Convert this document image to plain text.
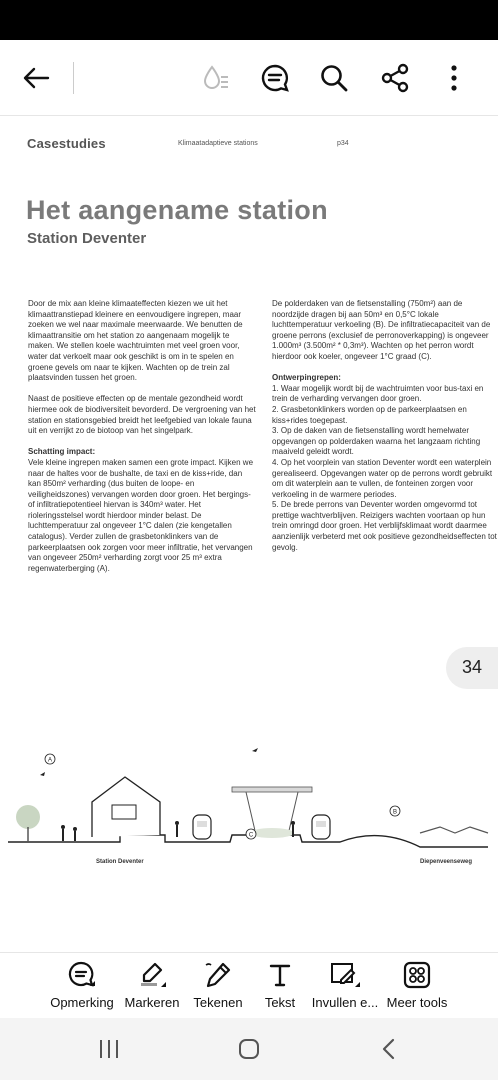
Casestudies	Klimaatadaptieve stations	p34
Het aangename station
Station Deventer

Door de mix aan kleine klimaateffecten kiezen we uit het klimaattranstiepad kleinere en eenvoudigere ingrepen, maar zoeken we wel naar maximale meerwaarde. We benutten de klimaattransitie om het station zo aangenaam mogelijk te maken. We stellen koele wachtruimten met veel groen voor, water dat verkoelt maar ook geschikt is om in te spelen en groene gevels om naar te kijken. Wachten op de trein zal plaatsvinden tussen het groen.

Naast de positieve effecten op de mentale gezondheid wordt hiermee ook de biodiversiteit bevorderd. De vergroening van het station en stationsgebied breidt het leefgebied van lokale fauna uit en verrijkt zo de biotoop van het singelpark.

Schatting impact:

Vele kleine ingrepen maken samen een grote impact. Kijken we naar de haltes voor de bushalte, de taxi en de kiss+ride, dan kan 850m² verharding (dus buiten de loope- en veiligheidszones) vervangen worden door groen. Het bergings- of infiltratiepotentieel hiervan is 340m³ water. Het rioleringsstelsel wordt hierdoor minder belast. De luchttemperatuur zal ongeveer 1°C dalen (zie kengetallen catalogus). Verder zullen de grasbetonklinkers van de parkeerplaatsen ook zorgen voor meer infiltratie, het vervangen van ongeveer 250m² verharding zorgt voor 25 m³ extra regenwaterberging (A).

De polderdaken van de fietsenstalling (750m²) aan de noordzijde dragen bij aan 50m³ en 0,5°C lokale luchttemperatuur verkoeling (B). De infiltratiecapaciteit van de groene perrons (exclusief de perronoverkapping) is ongeveer 1.000m³ (3.500m² * 0,3m³). Wachten op het perron wordt hierdoor ook koeler, ongeveer 1°C graad (C).

Ontwerpingrepen:
1. Waar mogelijk wordt bij de wachtruimten voor bus-taxi en trein de verharding vervangen door groen.
2. Grasbetonklinkers worden op de parkeerplaatsen en kiss+rides toegepast.
3. Op de daken van de fietsenstalling wordt hemelwater opgevangen op polderdaken waarna het langzaam richting maaiveld geleidt wordt.
4. Op het voorplein van station Deventer wordt een waterplein gerealiseerd. Opgevangen water op de perrons wordt gebruikt om dit waterplein aan te vullen, de fonteinen zorgen voor verkoeling in de warmere periodes.
5. De brede perrons van Deventer worden omgevormd tot prettige wachtverblijven. Reizigers wachten voortaan op hun trein omringd door groen. Het verblijfsklimaat wordt daarmee aanzienlijk verbeterd met ook positieve gezondheidseffecten tot gevolg.
34
A
B
C
Station Deventer	Diepenveenseweg
Opmerking Markeren Tekenen Tekst Invullen e... Meer tools
